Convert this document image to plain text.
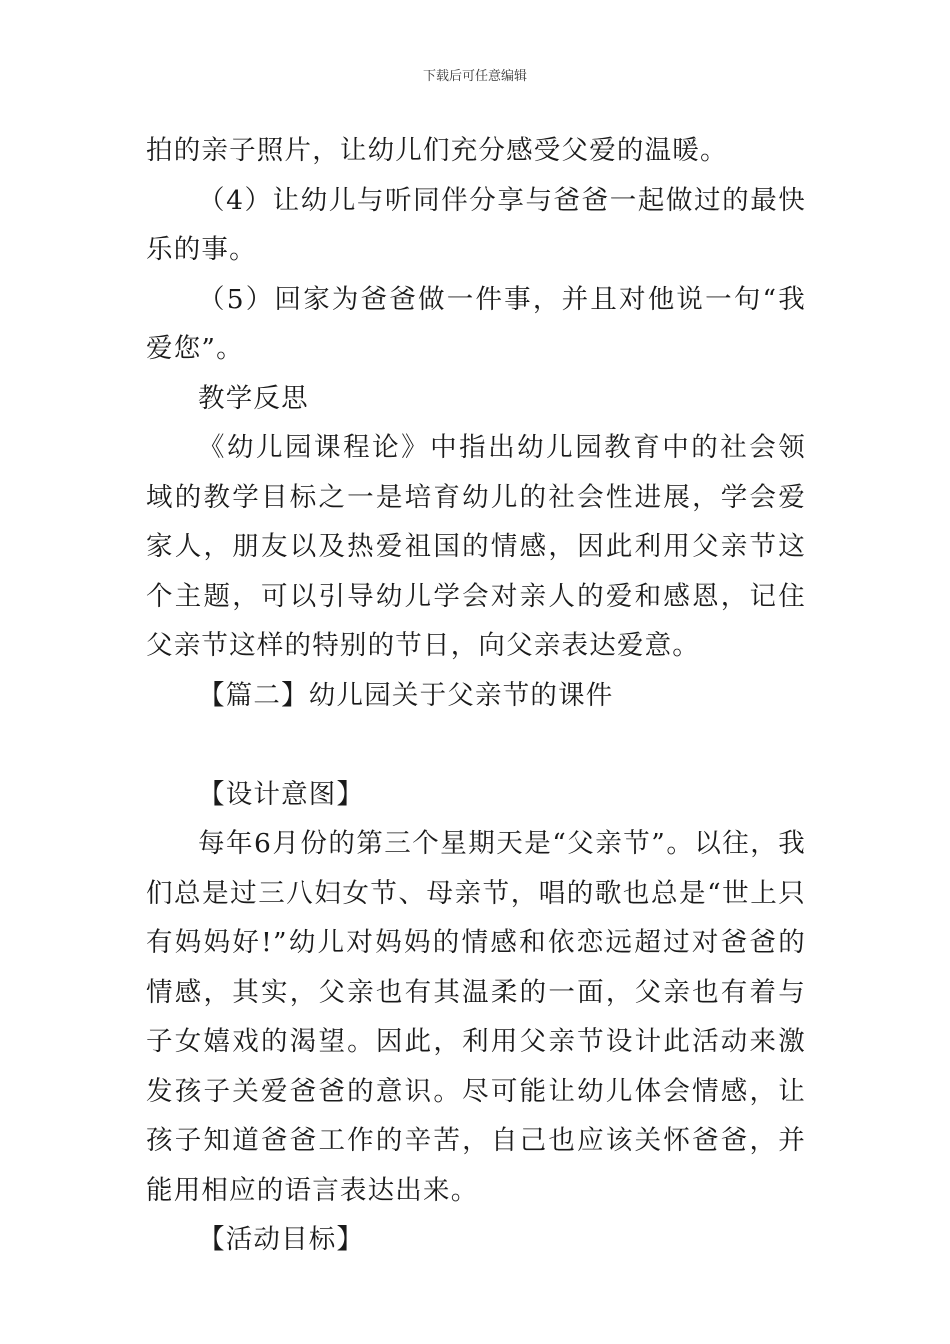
下载后可任意编辑

拍的亲子照片，让幼儿们充分感受父爱的温暖。

（4）让幼儿与听同伴分享与爸爸一起做过的最快乐的事。

（5）回家为爸爸做一件事，并且对他说一句“我爱您”。

教学反思

《幼儿园课程论》中指出幼儿园教育中的社会领域的教学目标之一是培育幼儿的社会性进展，学会爱家人，朋友以及热爱祖国的情感，因此利用父亲节这个主题，可以引导幼儿学会对亲人的爱和感恩，记住父亲节这样的特别的节日，向父亲表达爱意。

【篇二】幼儿园关于父亲节的课件

【设计意图】

每年6月份的第三个星期天是“父亲节”。以往，我们总是过三八妇女节、母亲节，唱的歌也总是“世上只有妈妈好!”幼儿对妈妈的情感和依恋远超过对爸爸的情感，其实，父亲也有其温柔的一面，父亲也有着与子女嬉戏的渴望。因此，利用父亲节设计此活动来激发孩子关爱爸爸的意识。尽可能让幼儿体会情感，让孩子知道爸爸工作的辛苦，自己也应该关怀爸爸，并能用相应的语言表达出来。

【活动目标】
